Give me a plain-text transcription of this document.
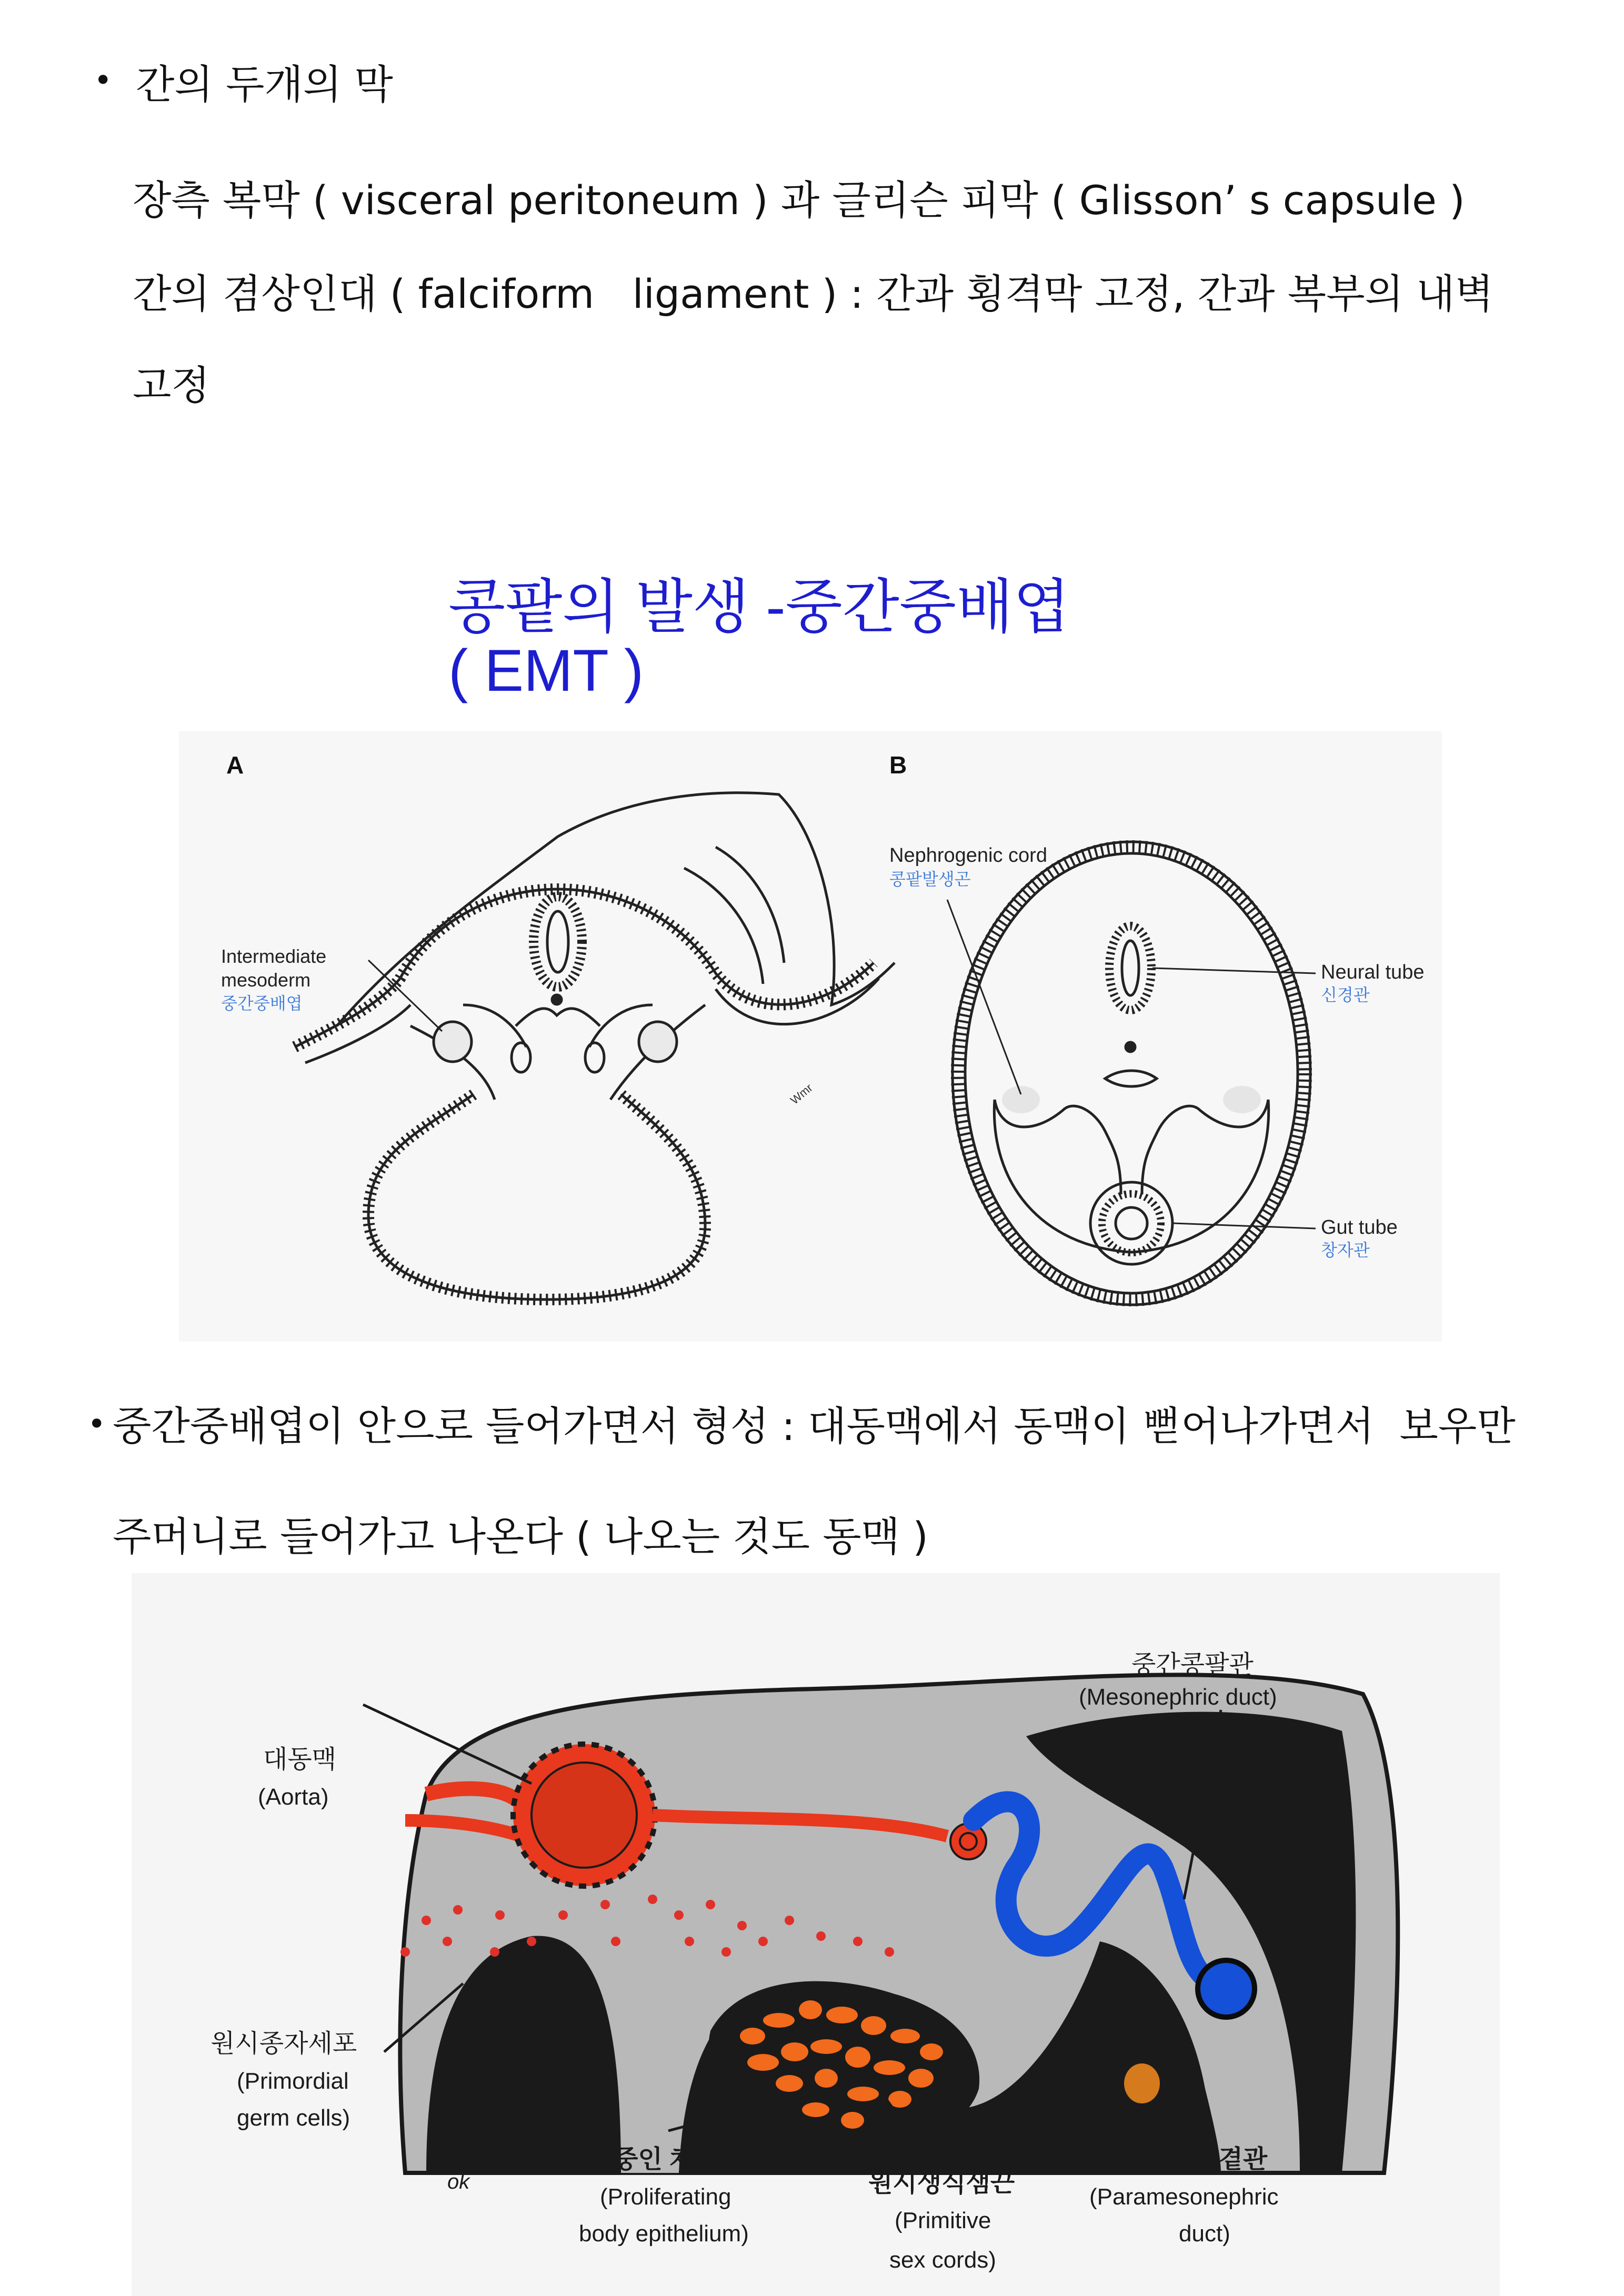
• 간의 두개의 막
장측 복막 ( visceral peritoneum ) 과 글리슨 피막 ( Glisson’ s capsule )
간의 겸상인대 ( falciform   ligament ) : 간과 횡격막 고정, 간과 복부의 내벽
고정
콩팥의 발생 -중간중배엽
( EMT )
A
Intermediate
mesoderm
중간중배엽
Wmr
B
Nephrogenic cord
콩팥발생곤
Neural tube
신경관
Gut tube
창자관
• 중간중배엽이 안으로 들어가면서 형성 : 대동맥에서 동맥이 뻗어나가면서  보우만
주머니로 들어가고 나온다 ( 나오는 것도 동맥 )
중간콩팔관
(Mesonephric duct)
대동맥
(Aorta)
원시종자세포
(Primordial
germ cells)
증식 중인 체강상피
(Proliferating
body epithelium)
원시생식샘끈
(Primitive
sex cords)
중간콩팔곁관
(Paramesonephric
duct)
ok
